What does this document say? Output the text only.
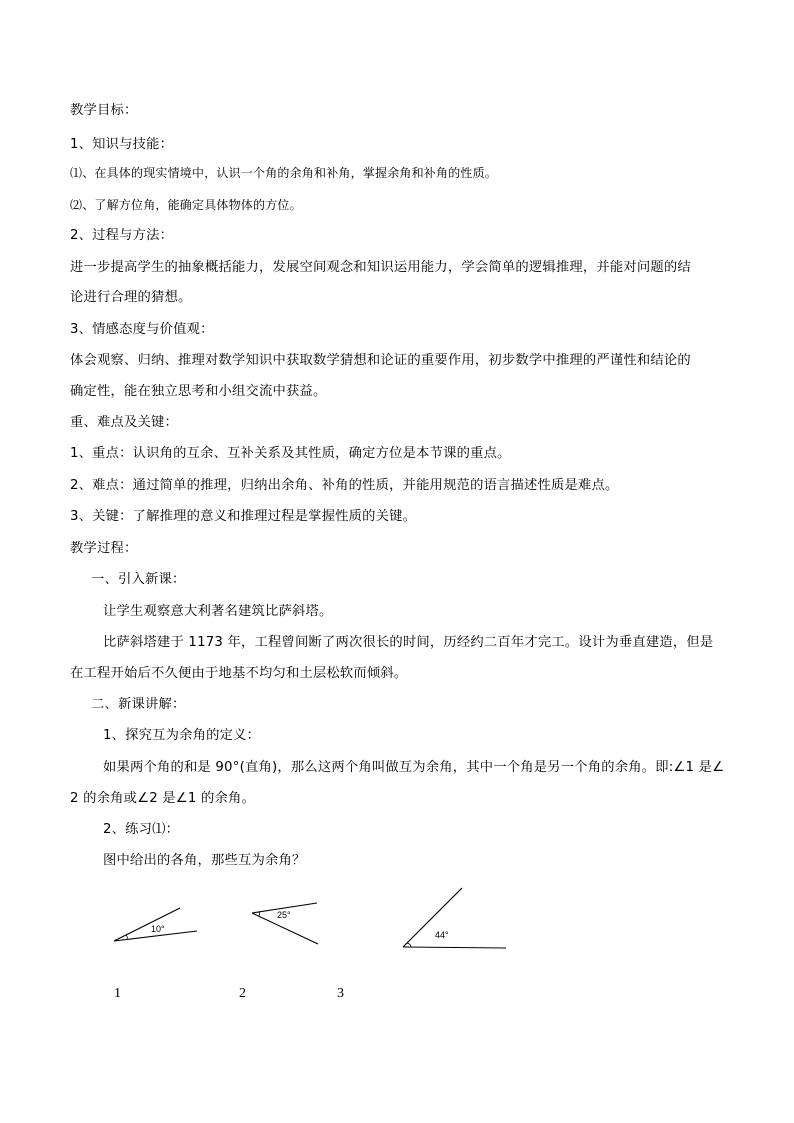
教学目标：
1、知识与技能：
⑴、在具体的现实情境中，认识一个角的余角和补角，掌握余角和补角的性质。
⑵、了解方位角，能确定具体物体的方位。
2、过程与方法：
进一步提高学生的抽象概括能力，发展空间观念和知识运用能力，学会简单的逻辑推理，并能对问题的结
论进行合理的猜想。
3、情感态度与价值观：
体会观察、归纳、推理对数学知识中获取数学猜想和论证的重要作用，初步数学中推理的严谨性和结论的
确定性，能在独立思考和小组交流中获益。
重、难点及关键：
1、重点：认识角的互余、互补关系及其性质，确定方位是本节课的重点。
2、难点：通过简单的推理，归纳出余角、补角的性质，并能用规范的语言描述性质是难点。
3、关键：了解推理的意义和推理过程是掌握性质的关键。
教学过程：
一、引入新课：
让学生观察意大利著名建筑比萨斜塔。
比萨斜塔建于 1173 年，工程曾间断了两次很长的时间，历经约二百年才完工。设计为垂直建造，但是
在工程开始后不久便由于地基不均匀和土层松软而倾斜。
二、新课讲解：
1、探究互为余角的定义：
如果两个角的和是 90°(直角)，那么这两个角叫做互为余角，其中一个角是另一个角的余角。即:∠1 是∠
2 的余角或∠2 是∠1 的余角。
2、练习⑴：
图中给出的各角，那些互为余角？
10°
25°
44°
1	2	3
